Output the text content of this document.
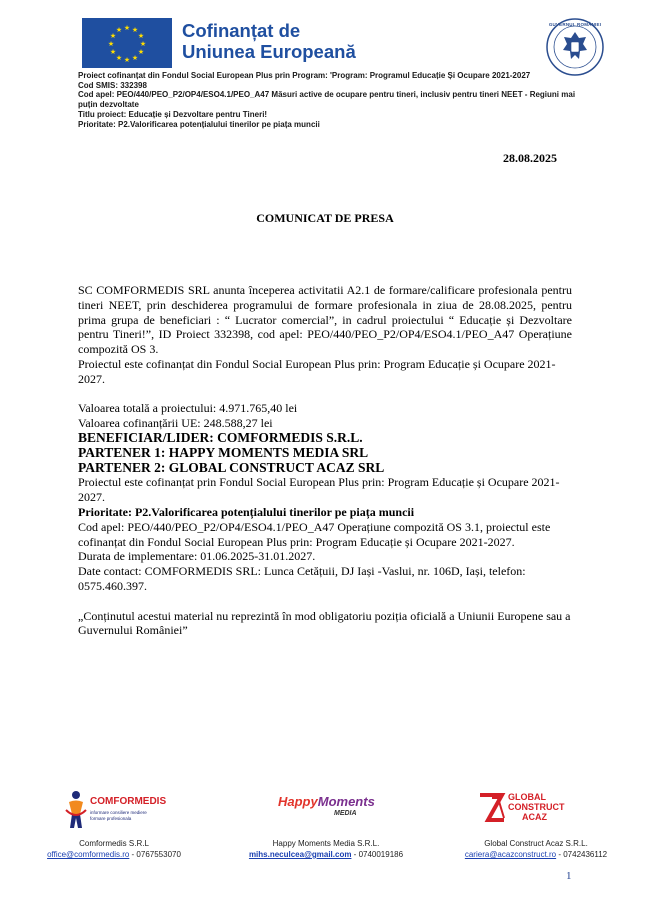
★ ★
★
★
★
★
★
★
★
★
★
★	Cofinanțat de
Uniunea Europeană
GUVERNUL ROMÂNIEI
Proiect cofinanțat din Fondul Social European Plus prin Program: 'Program: Programul Educație Și Ocupare 2021-2027
Cod SMIS: 332398
Cod apel: PEO/440/PEO_P2/OP4/ESO4.1/PEO_A47 Măsuri active de ocupare pentru tineri, inclusiv pentru tineri NEET - Regiuni mai puțin dezvoltate
Titlu proiect: Educație și Dezvoltare pentru Tineri!
Prioritate: P2.Valorificarea potențialului tinerilor pe piața muncii
28.08.2025
COMUNICAT DE PRESA

SC COMFORMEDIS SRL anunta începerea activitatii A2.1 de formare/calificare profesionala pentru tineri NEET, prin deschiderea programului de formare profesionala in ziua de 28.08.2025, pentru prima grupa de beneficiari : “ Lucrator comercial”, in cadrul proiectului “ Educație și Dezvoltare pentru Tineri!”, ID Proiect 332398, cod apel: PEO/440/PEO_P2/OP4/ESO4.1/PEO_A47 Operațiune compozită OS 3.

Proiectul este cofinanțat din Fondul Social European Plus prin: Program Educație și Ocupare 2021-2027.

Valoarea totală a proiectului: 4.971.765,40 lei

Valoarea cofinanțării UE: 248.588,27 lei

BENEFICIAR/LIDER: COMFORMEDIS S.R.L.

PARTENER 1: HAPPY MOMENTS MEDIA SRL

PARTENER 2: GLOBAL CONSTRUCT ACAZ SRL

Proiectul este cofinanțat prin Fondul Social European Plus prin: Program Educație și Ocupare 2021-2027.

Prioritate: P2.Valorificarea potențialului tinerilor pe piața muncii

Cod apel: PEO/440/PEO_P2/OP4/ESO4.1/PEO_A47 Operațiune compozită OS 3.1, proiectul este cofinanțat din Fondul Social European Plus prin: Program Educație și Ocupare 2021-2027.

Durata de implementare: 01.06.2025-31.01.2027.

Date contact: COMFORMEDIS SRL: Lunca Cetățuii, DJ Iași -Vaslui, nr. 106D, Iași, telefon: 0575.460.397.

„Conținutul acestui material nu reprezintă în mod obligatoriu poziția oficială a Uniunii Europene sau a Guvernului României”

COMFORMEDIS
informare consiliere mediere
formare profesionala
HappyMoments
MEDIA
GLOBAL
CONSTRUCT
ACAZ
Comformedis S.R.L
office@comformedis.ro - 0767553070
Happy Moments Media S.R.L.
mihs.neculcea@gmail.com - 0740019186
Global Construct Acaz S.R.L.
cariera@acazconstruct.ro - 0742436112
1
